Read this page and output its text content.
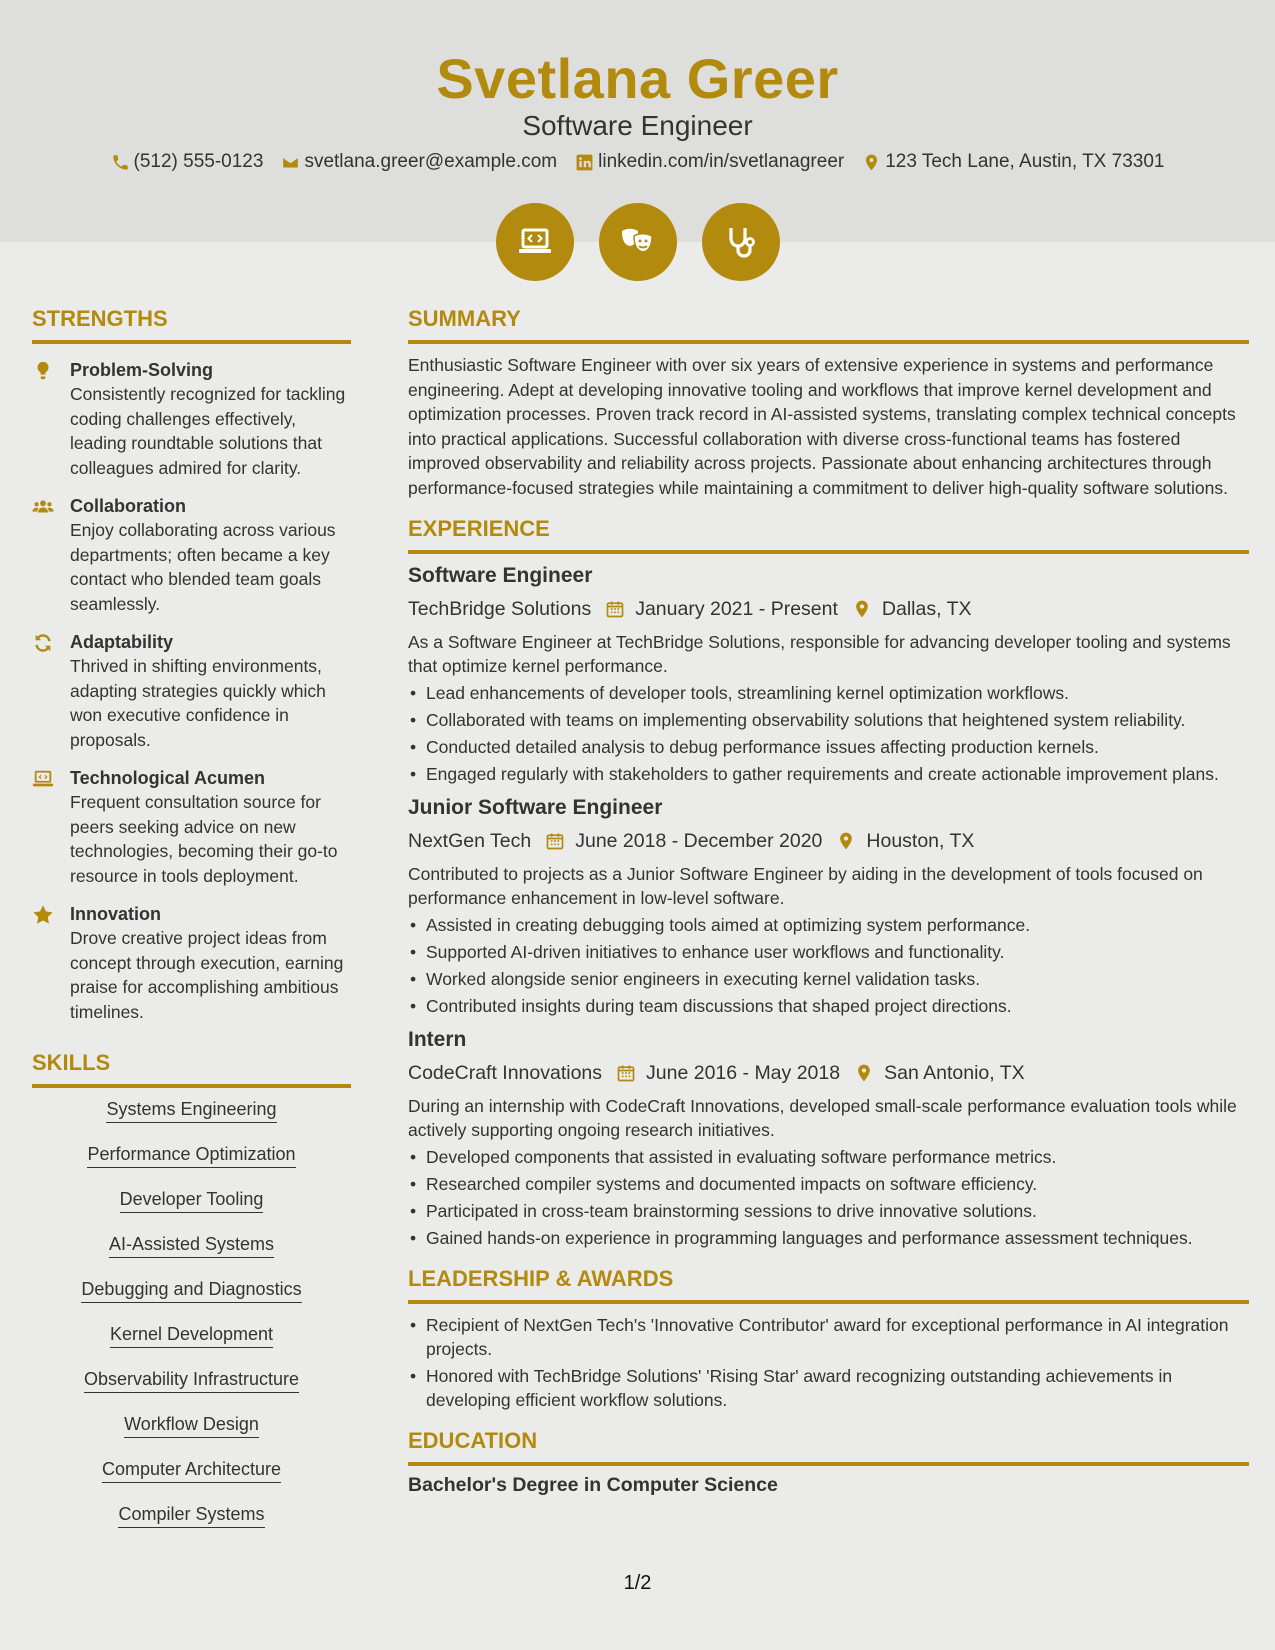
Svetlana Greer
Software Engineer
(512) 555-0123 svetlana.greer@example.com linkedin.com/in/svetlanagreer 123 Tech Lane, Austin, TX 73301
STRENGTHS
Problem-Solving
Consistently recognized for tackling coding challenges effectively, leading roundtable solutions that colleagues admired for clarity.
Collaboration
Enjoy collaborating across various departments; often became a key contact who blended team goals seamlessly.
Adaptability
Thrived in shifting environments, adapting strategies quickly which won executive confidence in proposals.
Technological Acumen
Frequent consultation source for peers seeking advice on new technologies, becoming their go-to resource in tools deployment.
Innovation
Drove creative project ideas from concept through execution, earning praise for accomplishing ambitious timelines.
SKILLS
Systems Engineering
Performance Optimization
Developer Tooling
AI-Assisted Systems
Debugging and Diagnostics
Kernel Development
Observability Infrastructure
Workflow Design
Computer Architecture
Compiler Systems
SUMMARY
Enthusiastic Software Engineer with over six years of extensive experience in systems and performance engineering. Adept at developing innovative tooling and workflows that improve kernel development and optimization processes. Proven track record in AI-assisted systems, translating complex technical concepts into practical applications. Successful collaboration with diverse cross-functional teams has fostered improved observability and reliability across projects. Passionate about enhancing architectures through performance-focused strategies while maintaining a commitment to deliver high-quality software solutions.
EXPERIENCE
Software Engineer
TechBridge Solutions January 2021 - Present Dallas, TX
As a Software Engineer at TechBridge Solutions, responsible for advancing developer tooling and systems that optimize kernel performance.
• Lead enhancements of developer tools, streamlining kernel optimization workflows.
• Collaborated with teams on implementing observability solutions that heightened system reliability.
• Conducted detailed analysis to debug performance issues affecting production kernels.
• Engaged regularly with stakeholders to gather requirements and create actionable improvement plans.
Junior Software Engineer
NextGen Tech June 2018 - December 2020 Houston, TX
Contributed to projects as a Junior Software Engineer by aiding in the development of tools focused on performance enhancement in low-level software.
• Assisted in creating debugging tools aimed at optimizing system performance.
• Supported AI-driven initiatives to enhance user workflows and functionality.
• Worked alongside senior engineers in executing kernel validation tasks.
• Contributed insights during team discussions that shaped project directions.
Intern
CodeCraft Innovations June 2016 - May 2018 San Antonio, TX
During an internship with CodeCraft Innovations, developed small-scale performance evaluation tools while actively supporting ongoing research initiatives.
• Developed components that assisted in evaluating software performance metrics.
• Researched compiler systems and documented impacts on software efficiency.
• Participated in cross-team brainstorming sessions to drive innovative solutions.
• Gained hands-on experience in programming languages and performance assessment techniques.
LEADERSHIP & AWARDS
• Recipient of NextGen Tech's 'Innovative Contributor' award for exceptional performance in AI integration projects.
• Honored with TechBridge Solutions' 'Rising Star' award recognizing outstanding achievements in developing efficient workflow solutions.
EDUCATION
Bachelor's Degree in Computer Science
1/2
